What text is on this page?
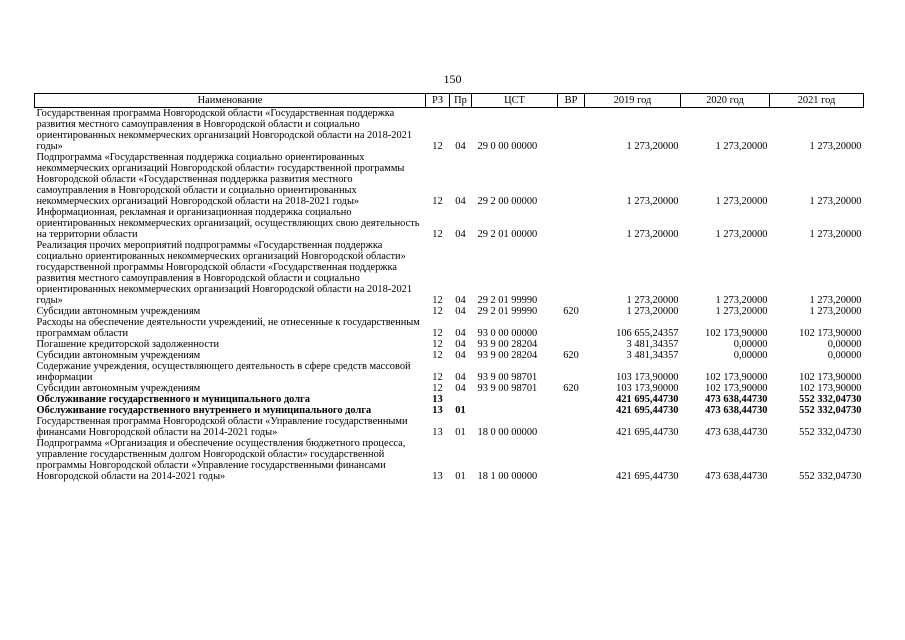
150
Наименование	РЗ	Пр	ЦСТ	ВР	2019 год	2020 год	2021 год
Государственная программа Новгородской области «Государственная поддержка развития местного самоуправления в Новгородской области и социально ориентированных некоммерческих организаций Новгородской области на 2018-2021 годы»	12	04	29 0 00 00000		1 273,20000	1 273,20000	1 273,20000
Подпрограмма «Государственная поддержка социально ориентированных некоммерческих организаций Новгородской области» государственной программы Новгородской области «Государственная поддержка развития местного самоуправления в Новгородской области и социально ориентированных некоммерческих организаций Новгородской области на 2018-2021 годы»	12	04	29 2 00 00000		1 273,20000	1 273,20000	1 273,20000
Информационная, рекламная и организационная поддержка социально ориентированных некоммерческих организаций, осуществляющих свою деятельность на территории области	12	04	29 2 01 00000		1 273,20000	1 273,20000	1 273,20000
Реализация прочих мероприятий подпрограммы «Государственная поддержка социально ориентированных некоммерческих организаций Новгородской области» государственной программы Новгородской области «Государственная поддержка развития местного самоуправления в Новгородской области и социально ориентированных некоммерческих организаций Новгородской области на 2018-2021 годы»	12	04	29 2 01 99990		1 273,20000	1 273,20000	1 273,20000
Субсидии автономным учреждениям	12	04	29 2 01 99990	620	1 273,20000	1 273,20000	1 273,20000
Расходы на обеспечение деятельности учреждений, не отнесенные к государственным программам области	12	04	93 0 00 00000		106 655,24357	102 173,90000	102 173,90000
Погашение кредиторской задолженности	12	04	93 9 00 28204		3 481,34357	0,00000	0,00000
Субсидии автономным учреждениям	12	04	93 9 00 28204	620	3 481,34357	0,00000	0,00000
Содержание учреждения, осуществляющего деятельность в сфере средств массовой информации	12	04	93 9 00 98701		103 173,90000	102 173,90000	102 173,90000
Субсидии автономным учреждениям	12	04	93 9 00 98701	620	103 173,90000	102 173,90000	102 173,90000
Обслуживание государственного и муниципального долга	13				421 695,44730	473 638,44730	552 332,04730
Обслуживание государственного внутреннего и муниципального долга	13	01			421 695,44730	473 638,44730	552 332,04730
Государственная программа Новгородской области «Управление государственными финансами Новгородской области на 2014-2021 годы»	13	01	18 0 00 00000		421 695,44730	473 638,44730	552 332,04730
Подпрограмма «Организация и обеспечение осуществления бюджетного процесса, управление государственным долгом Новгородской области» государственной программы Новгородской области «Управление государственными финансами Новгородской области на 2014-2021 годы»	13	01	18 1 00 00000		421 695,44730	473 638,44730	552 332,04730
